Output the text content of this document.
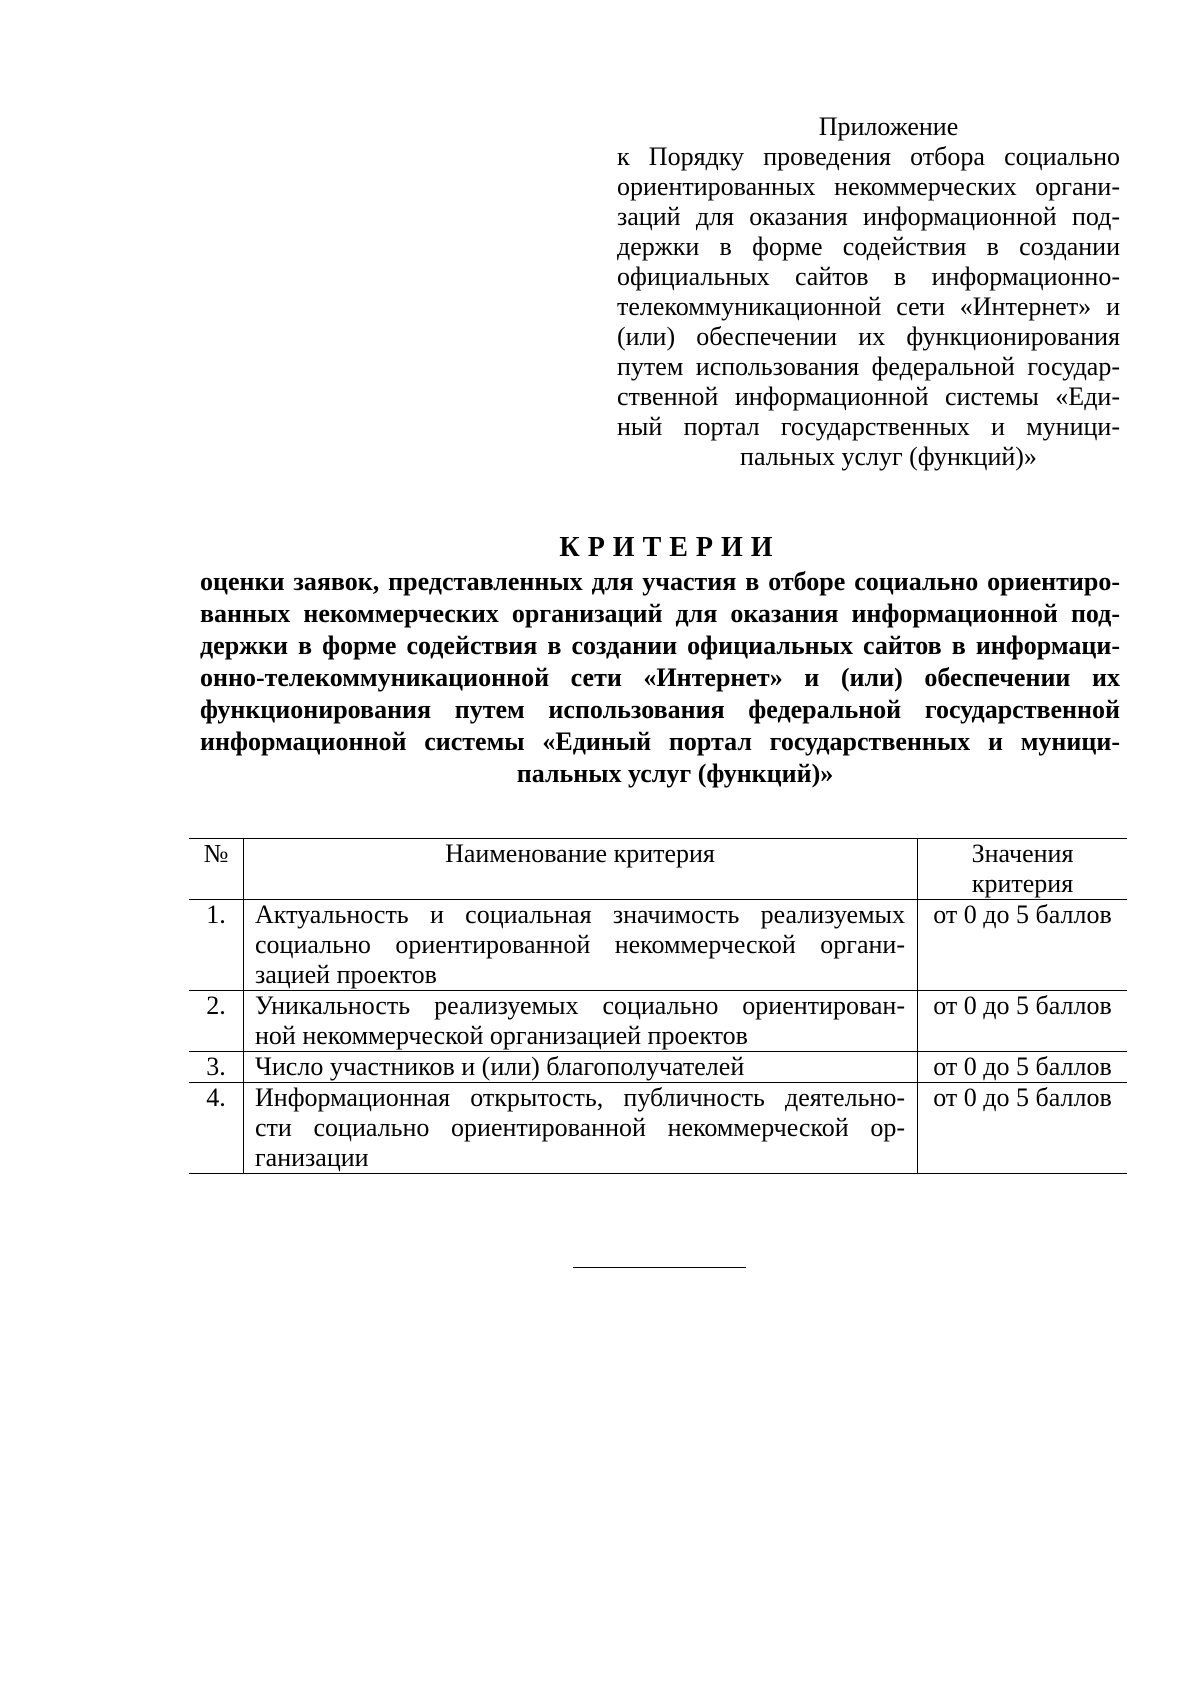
Приложение
к Порядку проведения отбора социально
ориентированных некоммерческих органи-
заций для оказания информационной под-
держки в форме содействия в создании
официальных сайтов в информационно-
телекоммуникационной сети «Интернет» и
(или) обеспечении их функционирования
путем использования федеральной государ-
ственной информационной системы «Еди-
ный портал государственных и муници-
пальных услуг (функций)»
КРИТЕРИИ
оценки заявок, представленных для участия в отборе социально ориентиро-
ванных некоммерческих организаций для оказания информационной под-
держки в форме содействия в создании официальных сайтов в информаци-
онно-телекоммуникационной сети «Интернет» и (или) обеспечении их
функционирования путем использования федеральной государственной
информационной системы «Единый портал государственных и муници-
пальных услуг (функций)»
№	Наименование критерия	Значения
критерия

1.	Актуальность и социальная значимость реализуемых
социально ориентированной некоммерческой органи-
зацией проектов	от 0 до 5 баллов
2.	Уникальность реализуемых социально ориентирован-
ной некоммерческой организацией проектов	от 0 до 5 баллов
3.	Число участников и (или) благополучателей	от 0 до 5 баллов
4.	Информационная открытость, публичность деятельно-
сти социально ориентированной некоммерческой ор-
ганизации	от 0 до 5 баллов
